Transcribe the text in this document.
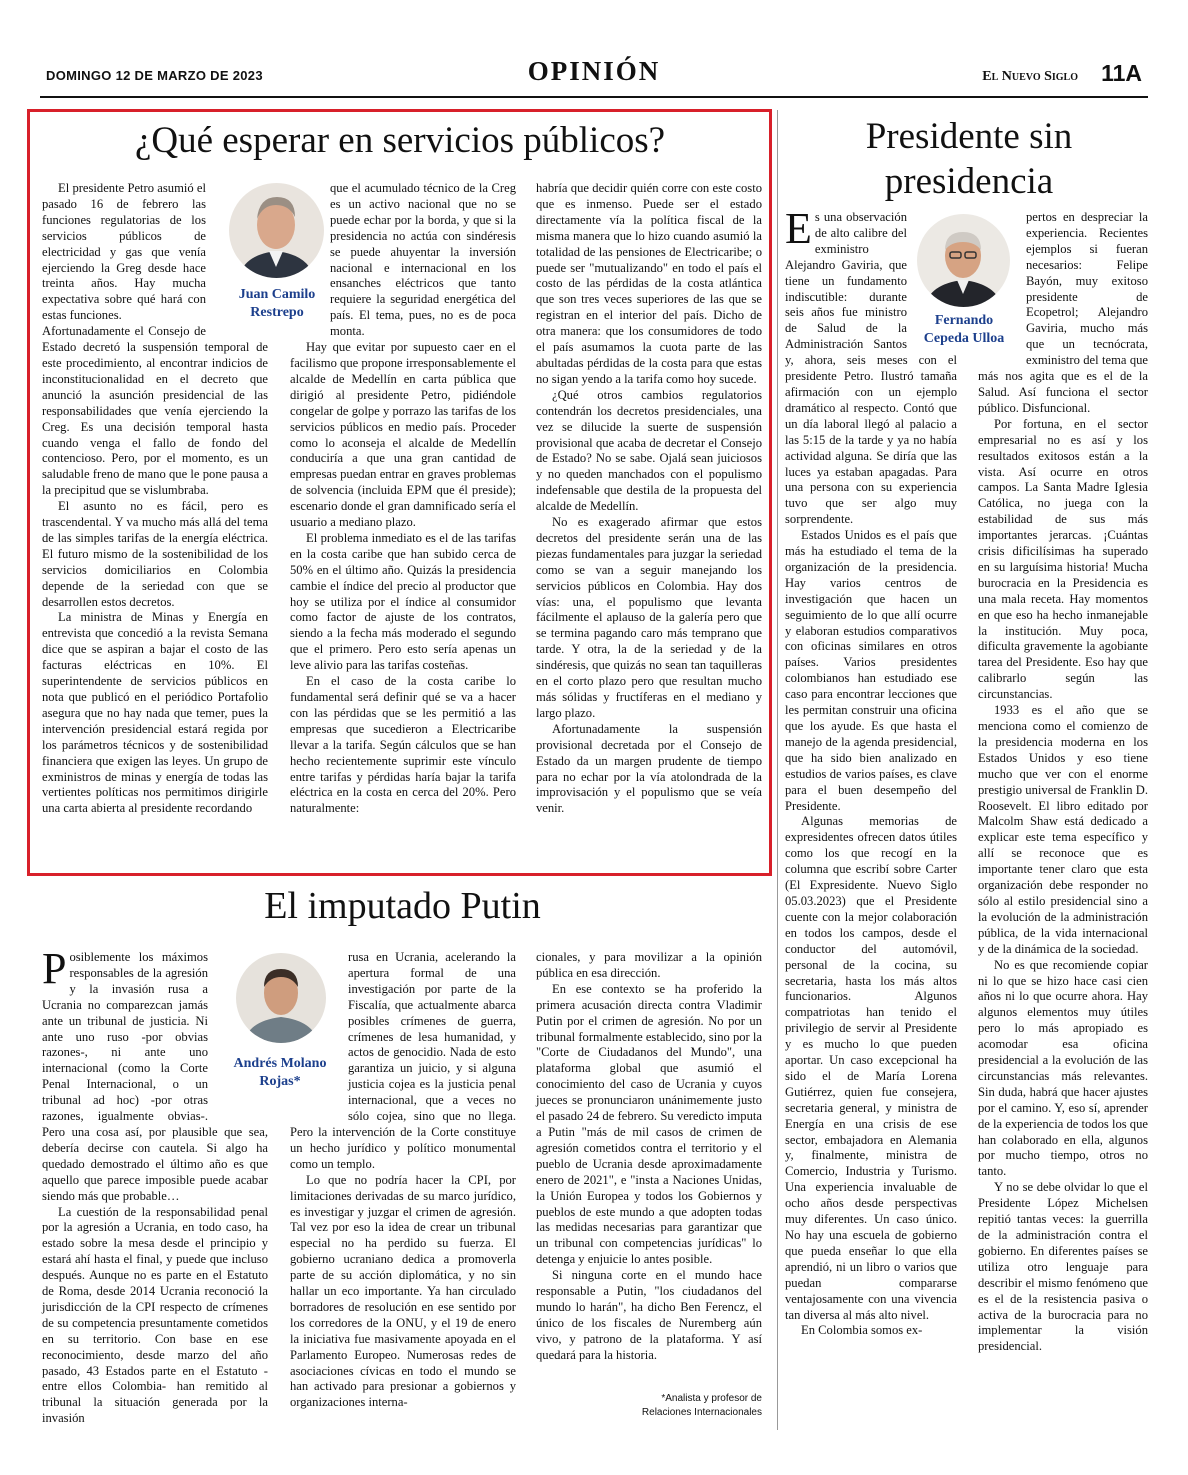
DOMINGO 12 DE MARZO DE 2023	OPINIÓN	El Nuevo Siglo 11A
¿Qué esperar en servicios públicos?
Juan Camilo
Restrepo

El presidente Petro asumió el pasado 16 de febrero las funciones regulatorias de los servicios públicos de electricidad y gas que venía ejerciendo la Greg desde hace treinta años. Hay mucha expectativa sobre qué hará con estas funciones.

Afortunadamente el Consejo de Estado decretó la suspensión temporal de este procedimiento, al encontrar indicios de inconstitucionalidad en el decreto que anunció la asunción presidencial de las responsabilidades que venía ejerciendo la Creg. Es una decisión temporal hasta cuando venga el fallo de fondo del contencioso. Pero, por el momento, es un saludable freno de mano que le pone pausa a la precipitud que se vislumbraba.

El asunto no es fácil, pero es trascendental. Y va mucho más allá del tema de las simples tarifas de la energía eléctrica. El futuro mismo de la sostenibilidad de los servicios domiciliarios en Colombia depende de la seriedad con que se desarrollen estos decretos.

La ministra de Minas y Energía en entrevista que concedió a la revista Semana dice que se aspiran a bajar el costo de las facturas eléctricas en 10%. El superintendente de servicios públicos en nota que publicó en el periódico Portafolio asegura que no hay nada que temer, pues la intervención presidencial estará regida por los parámetros técnicos y de sostenibilidad financiera que exigen las leyes. Un grupo de exministros de minas y energía de todas las vertientes políticas nos permitimos dirigirle una carta abierta al presidente recordando

que el acumulado técnico de la Creg es un activo nacional que no se puede echar por la borda, y que si la presidencia no actúa con sindéresis se puede ahuyentar la inversión nacional e internacional en los ensanches eléctricos que tanto requiere la seguridad energética del país. El tema, pues, no es de poca monta.

Hay que evitar por supuesto caer en el facilismo que propone irresponsablemente el alcalde de Medellín en carta pública que dirigió al presidente Petro, pidiéndole congelar de golpe y porrazo las tarifas de los servicios públicos en medio país. Proceder como lo aconseja el alcalde de Medellín conduciría a que una gran cantidad de empresas puedan entrar en graves problemas de solvencia (incluida EPM que él preside); escenario donde el gran damnificado sería el usuario a mediano plazo.

El problema inmediato es el de las tarifas en la costa caribe que han subido cerca de 50% en el último año. Quizás la presidencia cambie el índice del precio al productor que hoy se utiliza por el índice al consumidor como factor de ajuste de los contratos, siendo a la fecha más moderado el segundo que el primero. Pero esto sería apenas un leve alivio para las tarifas costeñas.

En el caso de la costa caribe lo fundamental será definir qué se va a hacer con las pérdidas que se les permitió a las empresas que sucedieron a Electricaribe llevar a la tarifa. Según cálculos que se han hecho recientemente suprimir este vínculo entre tarifas y pérdidas haría bajar la tarifa eléctrica en la costa en cerca del 20%. Pero naturalmente:

habría que decidir quién corre con este costo que es inmenso. Puede ser el estado directamente vía la política fiscal de la misma manera que lo hizo cuando asumió la totalidad de las pensiones de Electricaribe; o puede ser "mutualizando" en todo el país el costo de las pérdidas de la costa atlántica que son tres veces superiores de las que se registran en el interior del país. Dicho de otra manera: que los consumidores de todo el país asumamos la cuota parte de las abultadas pérdidas de la costa para que estas no sigan yendo a la tarifa como hoy sucede.

¿Qué otros cambios regulatorios contendrán los decretos presidenciales, una vez se dilucide la suerte de suspensión provisional que acaba de decretar el Consejo de Estado? No se sabe. Ojalá sean juiciosos y no queden manchados con el populismo indefensable que destila de la propuesta del alcalde de Medellín.

No es exagerado afirmar que estos decretos del presidente serán una de las piezas fundamentales para juzgar la seriedad como se van a seguir manejando los servicios públicos en Colombia. Hay dos vías: una, el populismo que levanta fácilmente el aplauso de la galería pero que se termina pagando caro más temprano que tarde. Y otra, la de la seriedad y de la sindéresis, que quizás no sean tan taquilleras en el corto plazo pero que resultan mucho más sólidas y fructíferas en el mediano y largo plazo.

Afortunadamente la suspensión provisional decretada por el Consejo de Estado da un margen prudente de tiempo para no echar por la vía atolondrada de la improvisación y el populismo que se veía venir.

Presidente sin
presidencia
Fernando
Cepeda Ulloa
E s una observación de alto calibre del exministro Alejandro Gaviria, que tiene un fundamento indiscutible: durante seis años fue ministro de Salud de la Administración Santos y, ahora, seis meses con el presidente Petro. Ilustró tamaña afirmación con un ejemplo dramático al respecto. Contó que un día laboral llegó al palacio a las 5:15 de la tarde y ya no había actividad alguna. Se diría que las luces ya estaban apagadas. Para una persona con su experiencia tuvo que ser algo muy sorprendente.

Estados Unidos es el país que más ha estudiado el tema de la organización de la presidencia. Hay varios centros de investigación que hacen un seguimiento de lo que allí ocurre y elaboran estudios comparativos con oficinas similares en otros países. Varios presidentes colombianos han estudiado ese caso para encontrar lecciones que les permitan construir una oficina que los ayude. Es que hasta el manejo de la agenda presidencial, que ha sido bien analizado en estudios de varios países, es clave para el buen desempeño del Presidente.

Algunas memorias de expresidentes ofrecen datos útiles como los que recogí en la columna que escribí sobre Carter (El Expresidente. Nuevo Siglo 05.03.2023) que el Presidente cuente con la mejor colaboración en todos los campos, desde el conductor del automóvil, personal de la cocina, su secretaria, hasta los más altos funcionarios. Algunos compatriotas han tenido el privilegio de servir al Presidente y es mucho lo que pueden aportar. Un caso excepcional ha sido el de María Lorena Gutiérrez, quien fue consejera, secretaria general, y ministra de Energía en una crisis de ese sector, embajadora en Alemania y, finalmente, ministra de Comercio, Industria y Turismo. Una experiencia invaluable de ocho años desde perspectivas muy diferentes. Un caso único. No hay una escuela de gobierno que pueda enseñar lo que ella aprendió, ni un libro o varios que puedan compararse ventajosamente con una vivencia tan diversa al más alto nivel.

En Colombia somos ex-

pertos en despreciar la experiencia. Recientes ejemplos si fueran necesarios: Felipe Bayón, muy exitoso presidente de Ecopetrol; Alejandro Gaviria, mucho más que un tecnócrata, exministro del tema que más nos agita que es el de la Salud. Así funciona el sector público. Disfuncional.

Por fortuna, en el sector empresarial no es así y los resultados exitosos están a la vista. Así ocurre en otros campos. La Santa Madre Iglesia Católica, no juega con la estabilidad de sus más importantes jerarcas. ¡Cuántas crisis dificilísimas ha superado en su larguísima historia! Mucha burocracia en la Presidencia es una mala receta. Hay momentos en que eso ha hecho inmanejable la institución. Muy poca, dificulta gravemente la agobiante tarea del Presidente. Eso hay que calibrarlo según las circunstancias.

1933 es el año que se menciona como el comienzo de la presidencia moderna en los Estados Unidos y eso tiene mucho que ver con el enorme prestigio universal de Franklin D. Roosevelt. El libro editado por Malcolm Shaw está dedicado a explicar este tema específico y allí se reconoce que es importante tener claro que esta organización debe responder no sólo al estilo presidencial sino a la evolución de la administración pública, de la vida internacional y de la dinámica de la sociedad.

No es que recomiende copiar ni lo que se hizo hace casi cien años ni lo que ocurre ahora. Hay algunos elementos muy útiles pero lo más apropiado es acomodar esa oficina presidencial a la evolución de las circunstancias más relevantes. Sin duda, habrá que hacer ajustes por el camino. Y, eso sí, aprender de la experiencia de todos los que han colaborado en ella, algunos por mucho tiempo, otros no tanto.

Y no se debe olvidar lo que el Presidente López Michelsen repitió tantas veces: la guerrilla de la administración contra el gobierno. En diferentes países se utiliza otro lenguaje para describir el mismo fenómeno que es el de la resistencia pasiva o activa de la burocracia para no implementar la visión presidencial.

El imputado Putin
Andrés Molano
Rojas*
P osiblemente los máximos responsables de la agresión y la invasión rusa a Ucrania no comparezcan jamás ante un tribunal de justicia. Ni ante uno ruso -por obvias razones-, ni ante uno internacional (como la Corte Penal Internacional, o un tribunal ad hoc) -por otras razones, igualmente obvias-. Pero una cosa así, por plausible que sea, debería decirse con cautela. Si algo ha quedado demostrado el último año es que aquello que parece imposible puede acabar siendo más que probable…

La cuestión de la responsabilidad penal por la agresión a Ucrania, en todo caso, ha estado sobre la mesa desde el principio y estará ahí hasta el final, y puede que incluso después. Aunque no es parte en el Estatuto de Roma, desde 2014 Ucrania reconoció la jurisdicción de la CPI respecto de crímenes de su competencia presuntamente cometidos en su territorio. Con base en ese reconocimiento, desde marzo del año pasado, 43 Estados parte en el Estatuto -entre ellos Colombia- han remitido al tribunal la situación generada por la invasión

rusa en Ucrania, acelerando la apertura formal de una investigación por parte de la Fiscalía, que actualmente abarca posibles crímenes de guerra, crímenes de lesa humanidad, y actos de genocidio. Nada de esto garantiza un juicio, y si alguna justicia cojea es la justicia penal internacional, que a veces no sólo cojea, sino que no llega. Pero la intervención de la Corte constituye un hecho jurídico y político monumental como un templo.

Lo que no podría hacer la CPI, por limitaciones derivadas de su marco jurídico, es investigar y juzgar el crimen de agresión. Tal vez por eso la idea de crear un tribunal especial no ha perdido su fuerza. El gobierno ucraniano dedica a promoverla parte de su acción diplomática, y no sin hallar un eco importante. Ya han circulado borradores de resolución en ese sentido por los corredores de la ONU, y el 19 de enero la iniciativa fue masivamente apoyada en el Parlamento Europeo. Numerosas redes de asociaciones cívicas en todo el mundo se han activado para presionar a gobiernos y organizaciones interna-

cionales, y para movilizar a la opinión pública en esa dirección.

En ese contexto se ha proferido la primera acusación directa contra Vladimir Putin por el crimen de agresión. No por un tribunal formalmente establecido, sino por la "Corte de Ciudadanos del Mundo", una plataforma global que asumió el conocimiento del caso de Ucrania y cuyos jueces se pronunciaron unánimemente justo el pasado 24 de febrero. Su veredicto imputa a Putin "más de mil casos de crimen de agresión cometidos contra el territorio y el pueblo de Ucrania desde aproximadamente enero de 2021", e "insta a Naciones Unidas, la Unión Europea y todos los Gobiernos y pueblos de este mundo a que adopten todas las medidas necesarias para garantizar que un tribunal con competencias jurídicas" lo detenga y enjuicie lo antes posible.

Si ninguna corte en el mundo hace responsable a Putin, "los ciudadanos del mundo lo harán", ha dicho Ben Ferencz, el único de los fiscales de Nuremberg aún vivo, y patrono de la plataforma. Y así quedará para la historia.

*Analista y profesor de
Relaciones Internacionales
